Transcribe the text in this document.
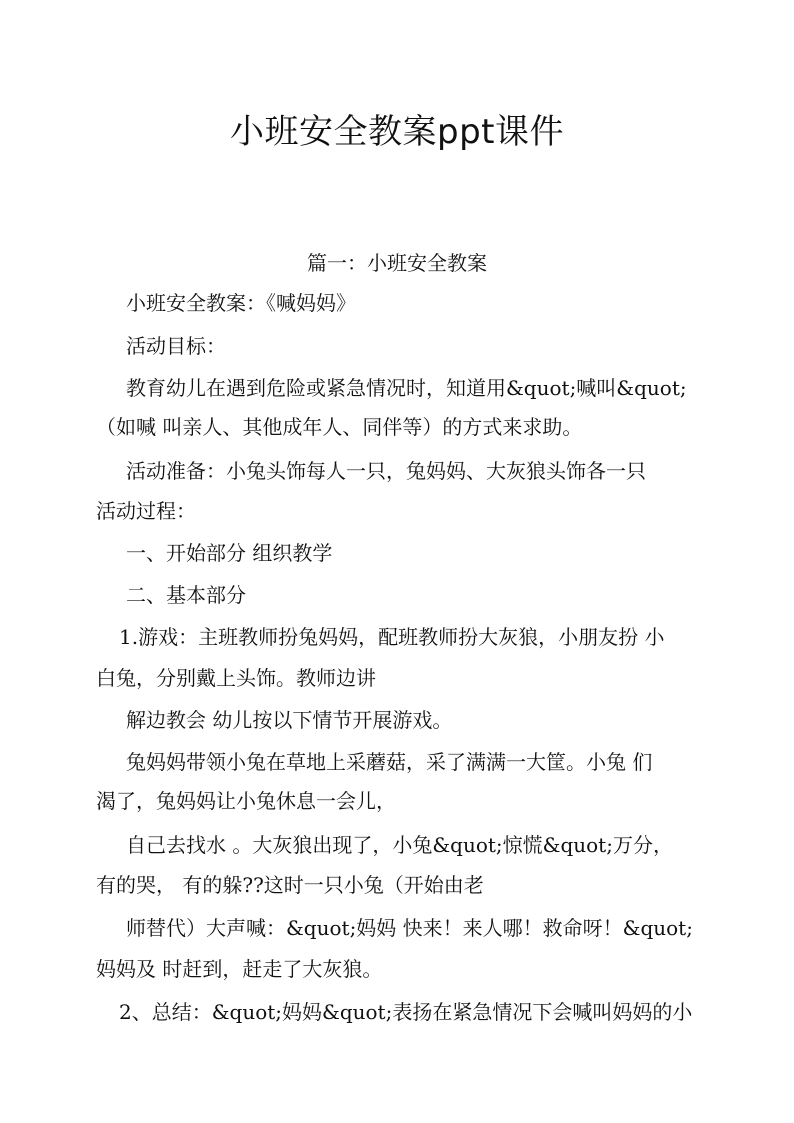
小班安全教案ppt课件
篇一：小班安全教案
小班安全教案：《喊妈妈》
活动目标：
教育幼儿在遇到危险或紧急情况时，知道用&quot;喊叫&quot;
（如喊 叫亲人、其他成年人、同伴等）的方式来求助。
活动准备：小兔头饰每人一只，兔妈妈、大灰狼头饰各一只
活动过程：
一、开始部分 组织教学
二、基本部分
1.游戏：主班教师扮兔妈妈，配班教师扮大灰狼，小朋友扮 小
白兔，分别戴上头饰。教师边讲
解边教会 幼儿按以下情节开展游戏。
兔妈妈带领小兔在草地上采蘑菇，采了满满一大筐。小兔 们
渴了，兔妈妈让小兔休息一会儿，
自己去找水 。大灰狼出现了，小兔&quot;惊慌&quot;万分，
有的哭， 有的躲??这时一只小兔（开始由老
师替代）大声喊：&quot;妈妈 快来！来人哪！救命呀！&quot;
妈妈及 时赶到，赶走了大灰狼。
2、总结：&quot;妈妈&quot;表扬在紧急情况下会喊叫妈妈的小
